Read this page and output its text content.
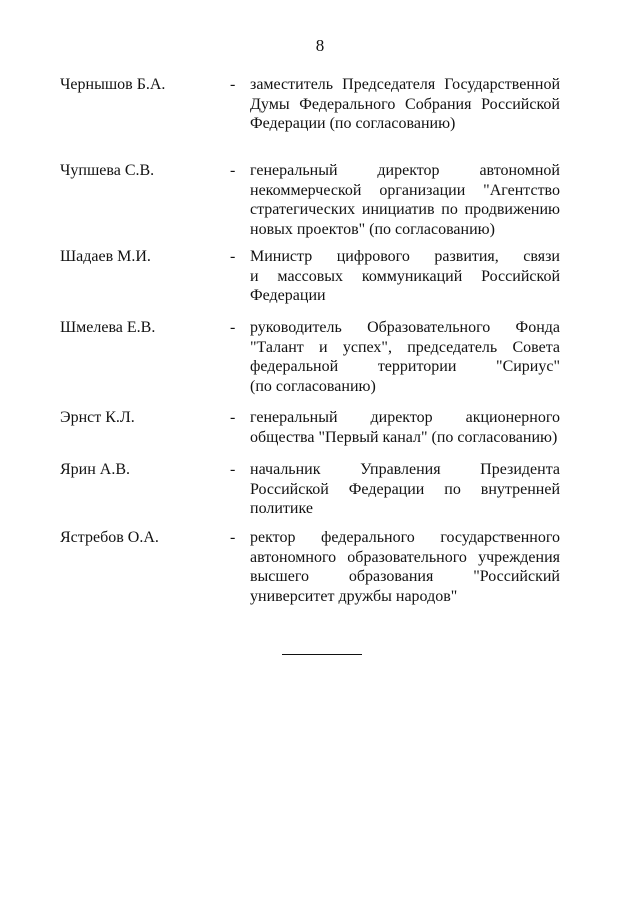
8
Чернышов Б.А.	- заместитель Председателя Государственной

Думы Федерального Собрания Российской

Федерации (по согласованию)

Чупшева С.В.	- генеральный директор автономной

некоммерческой организации "Агентство

стратегических инициатив по продвижению

новых проектов" (по согласованию)

Шадаев М.И.	- Министр цифрового развития, связи

и массовых коммуникаций Российской

Федерации

Шмелева Е.В.	- руководитель Образовательного Фонда

"Талант и успех", председатель Совета

федеральной территории "Сириус"

(по согласованию)

Эрнст К.Л.	- генеральный директор акционерного

общества "Первый канал" (по согласованию)

Ярин А.В.	- начальник Управления Президента

Российской Федерации по внутренней

политике

Ястребов О.А.	- ректор федерального государственного

автономного образовательного учреждения

высшего образования "Российский

университет дружбы народов"
